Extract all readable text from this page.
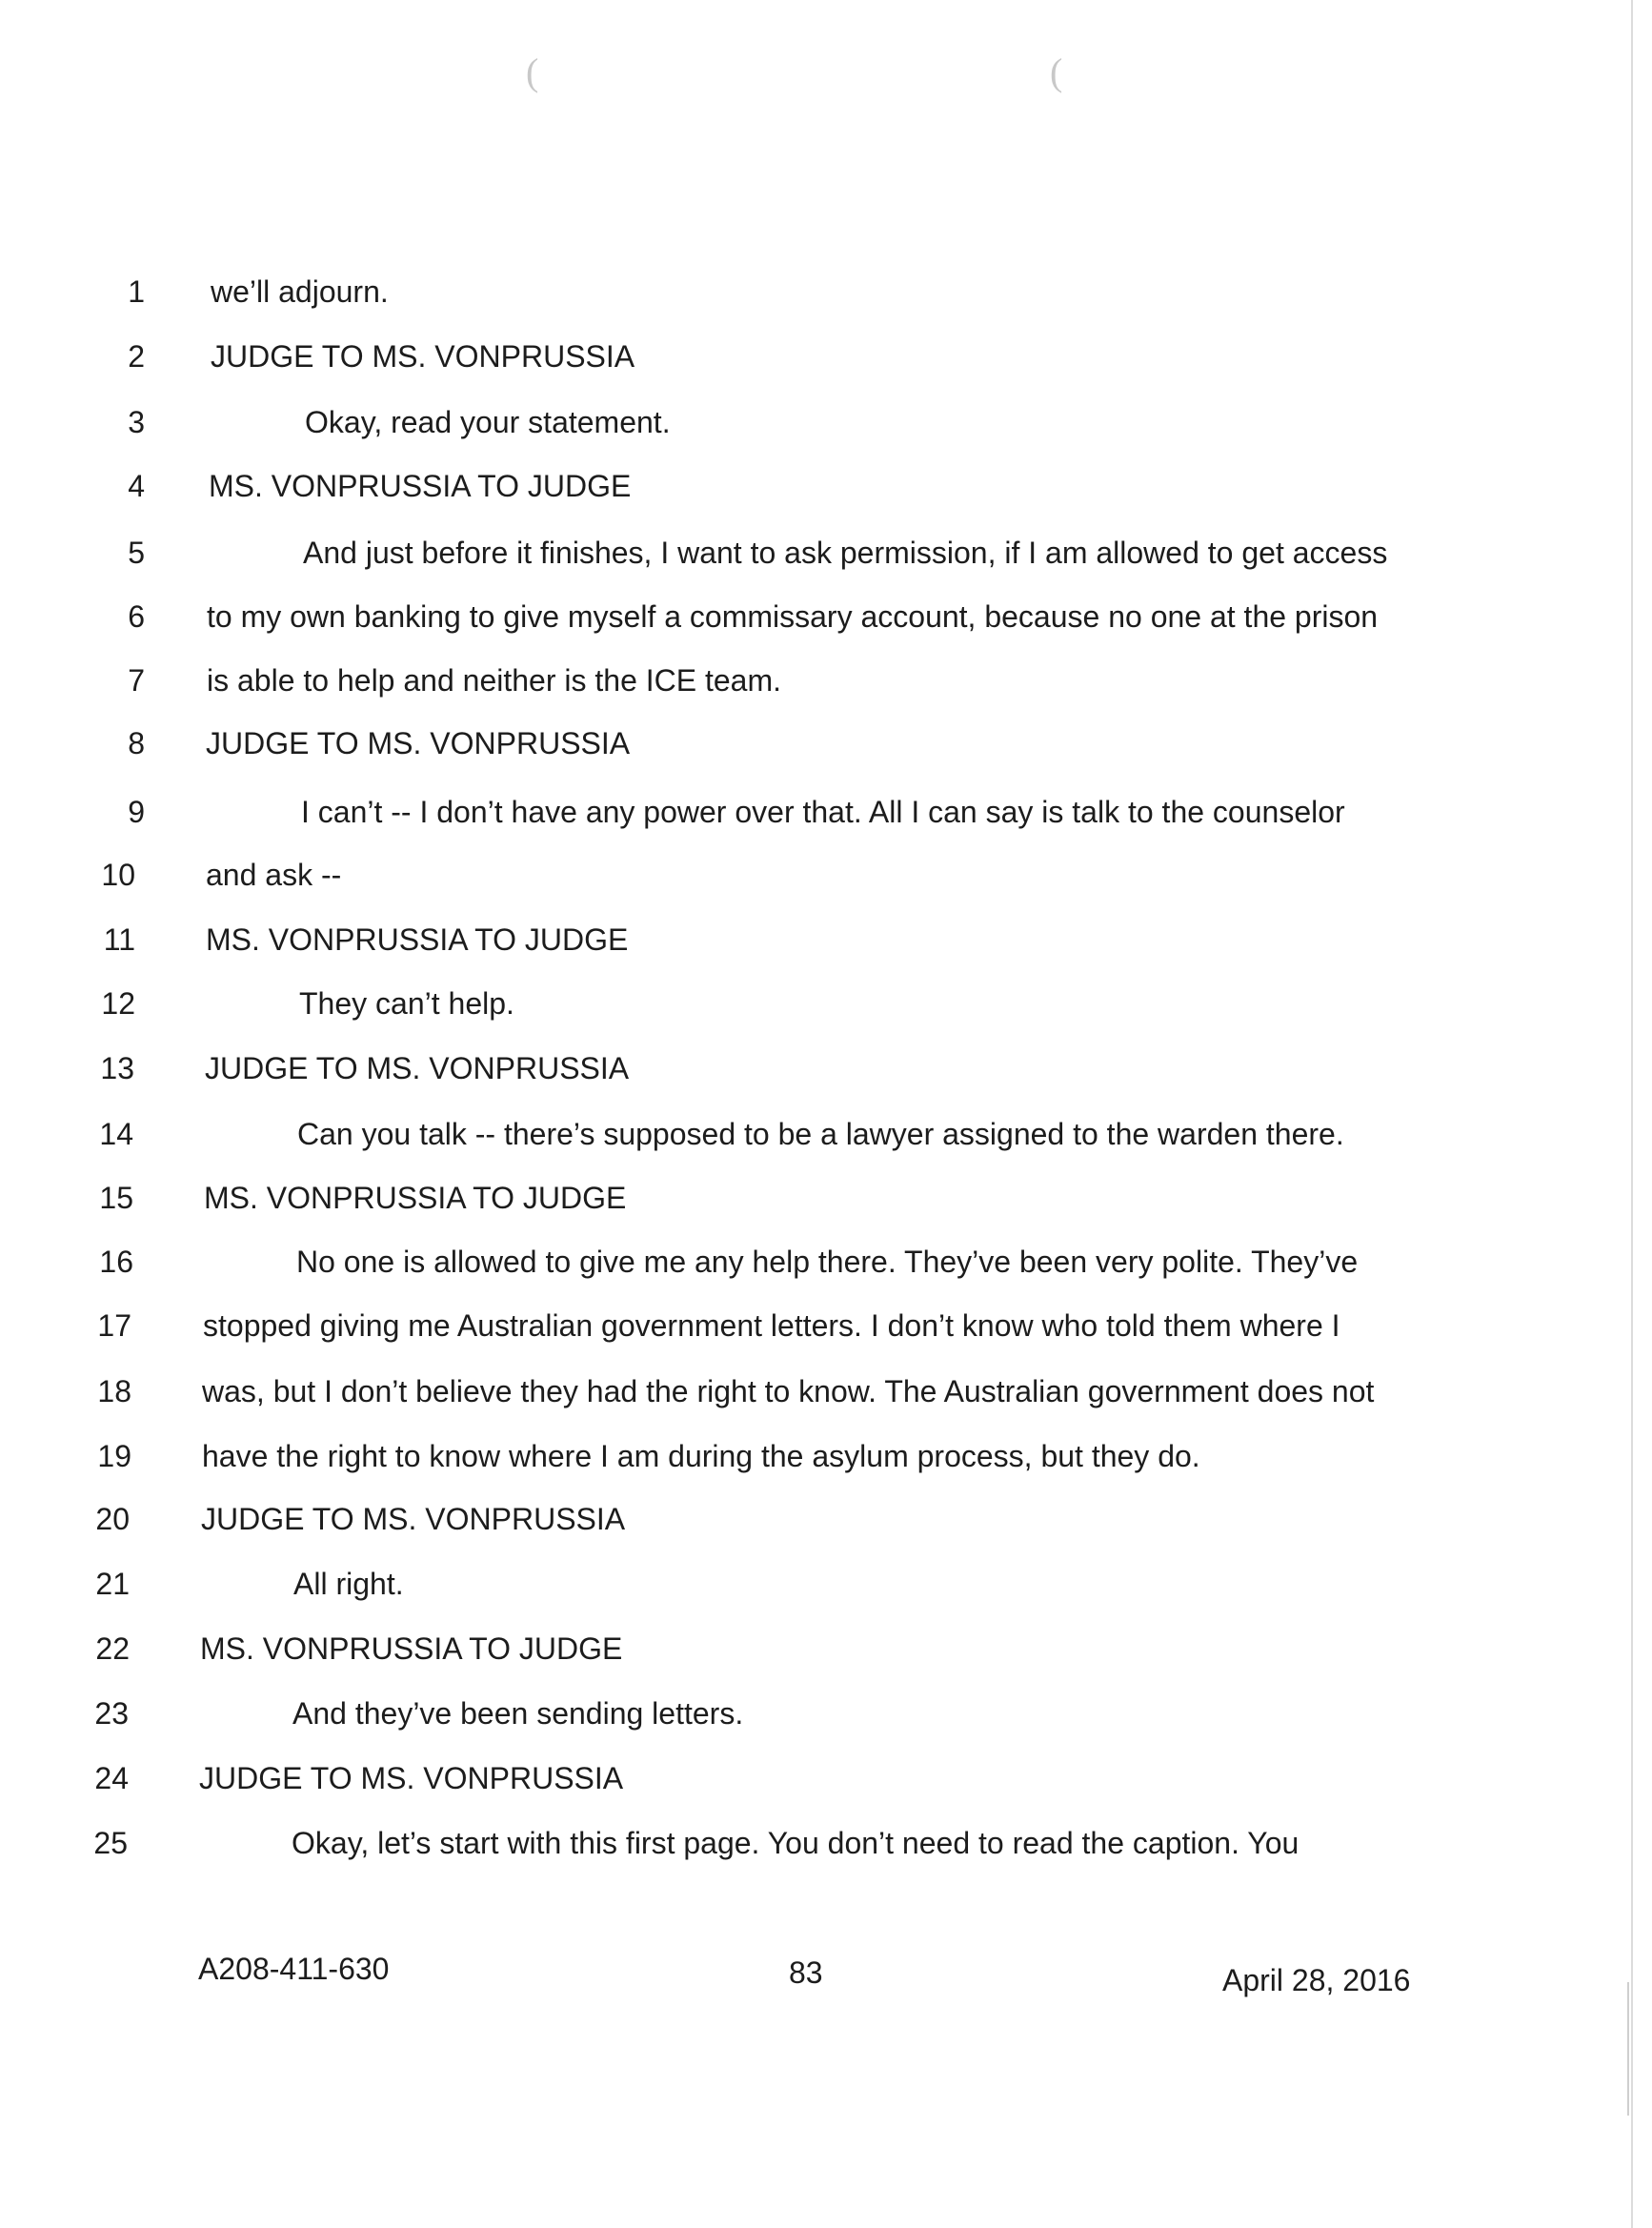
(	(
1 we’ll adjourn.
2 JUDGE TO MS. VONPRUSSIA
3	Okay, read your statement.
4 MS. VONPRUSSIA TO JUDGE
5	And just before it finishes, I want to ask permission, if I am allowed to get access
6 to my own banking to give myself a commissary account, because no one at the prison
7 is able to help and neither is the ICE team.
8 JUDGE TO MS. VONPRUSSIA
9	I can’t -- I don’t have any power over that. All I can say is talk to the counselor
10 and ask --
11 MS. VONPRUSSIA TO JUDGE
12	They can’t help.
13 JUDGE TO MS. VONPRUSSIA
14	Can you talk -- there’s supposed to be a lawyer assigned to the warden there.
15 MS. VONPRUSSIA TO JUDGE
16	No one is allowed to give me any help there. They’ve been very polite. They’ve
17 stopped giving me Australian government letters. I don’t know who told them where I
18 was, but I don’t believe they had the right to know. The Australian government does not
19 have the right to know where I am during the asylum process, but they do.
20 JUDGE TO MS. VONPRUSSIA
21	All right.
22 MS. VONPRUSSIA TO JUDGE
23	And they’ve been sending letters.
24 JUDGE TO MS. VONPRUSSIA
25	Okay, let’s start with this first page. You don’t need to read the caption. You
A208-411-630	83	April 28, 2016
